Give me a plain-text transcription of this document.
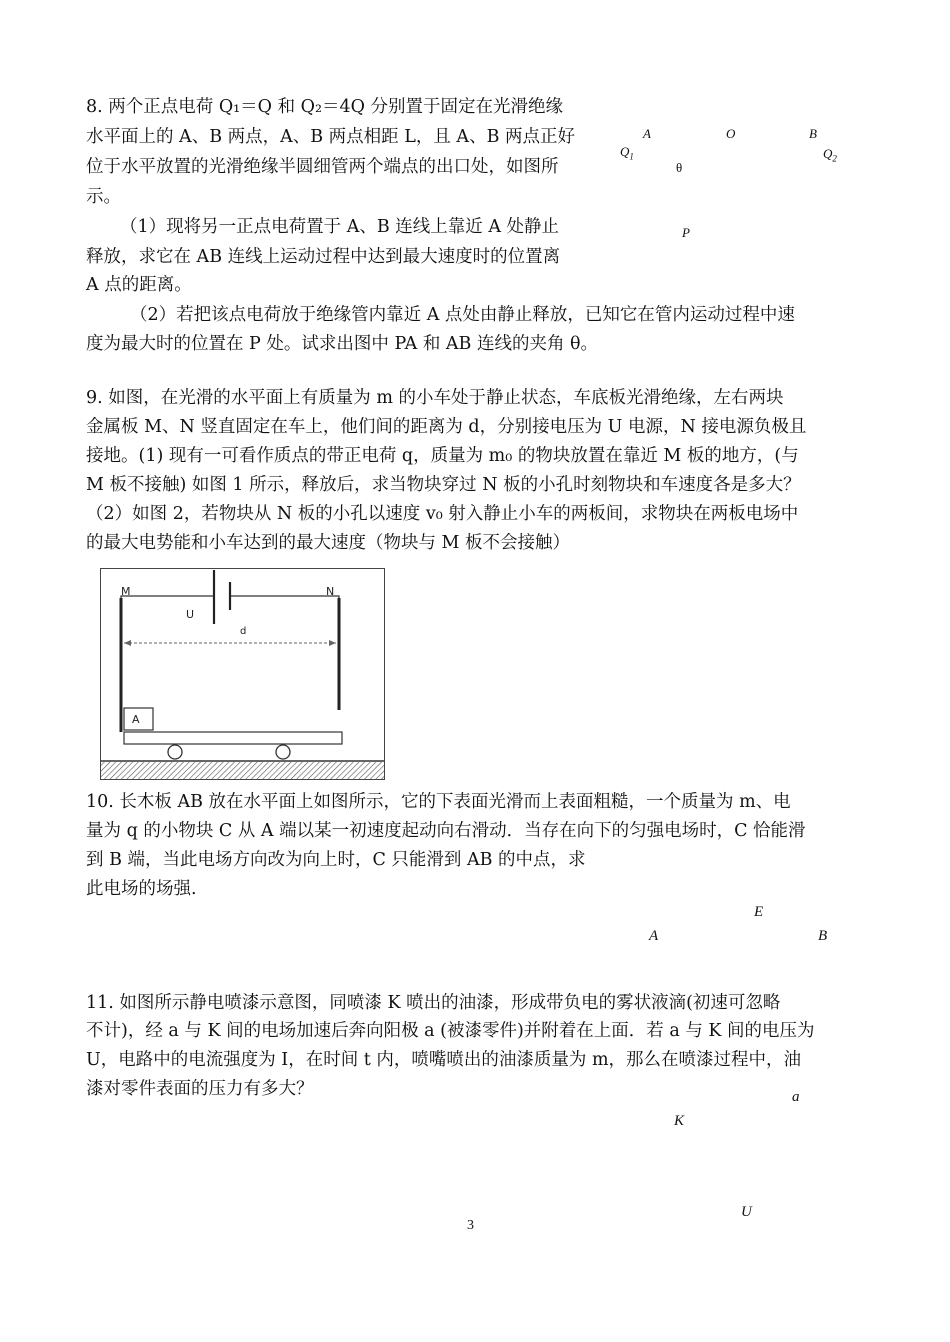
8. 两个正点电荷 Q₁＝Q 和 Q₂＝4Q 分别置于固定在光滑绝缘
水平面上的 A、B 两点，A、B 两点相距 L，且 A、B 两点正好
位于水平放置的光滑绝缘半圆细管两个端点的出口处，如图所
示。
（1）现将另一正点电荷置于 A、B 连线上靠近 A 处静止
释放，求它在 AB 连线上运动过程中达到最大速度时的位置离
A 点的距离。
（2）若把该点电荷放于绝缘管内靠近 A 点处由静止释放，已知它在管内运动过程中速
度为最大时的位置在 P 处。试求出图中 PA 和 AB 连线的夹角 θ。
A	O	B
$Q_1$	$Q_2$
θ
P
9. 如图，在光滑的水平面上有质量为 m 的小车处于静止状态，车底板光滑绝缘，左右两块
金属板 M、N 竖直固定在车上，他们间的距离为 d，分别接电压为 U 电源，N 接电源负极且
接地。(1) 现有一可看作质点的带正电荷 q，质量为 m₀ 的物块放置在靠近 M 板的地方，(与
M 板不接触) 如图 1 所示，释放后，求当物块穿过 N 板的小孔时刻物块和车速度各是多大？
（2）如图 2，若物块从 N 板的小孔以速度 v₀ 射入静止小车的两板间，求物块在两板电场中
的最大电势能和小车达到的最大速度（物块与 M 板不会接触）
M	N
U
d
A
10. 长木板 AB 放在水平面上如图所示，它的下表面光滑而上表面粗糙，一个质量为 m、电
量为 q 的小物块 C 从 A 端以某一初速度起动向右滑动．当存在向下的匀强电场时，C 恰能滑
到 B 端，当此电场方向改为向上时，C 只能滑到 AB 的中点，求
此电场的场强.
E
A	B
11. 如图所示静电喷漆示意图，同喷漆 K 喷出的油漆，形成带负电的雾状液滴(初速可忽略
不计)，经 a 与 K 间的电场加速后奔向阳极 a (被漆零件)并附着在上面．若 a 与 K 间的电压为
U，电路中的电流强度为 I，在时间 t 内，喷嘴喷出的油漆质量为 m，那么在喷漆过程中，油
漆对零件表面的压力有多大？	a
K
U
3
